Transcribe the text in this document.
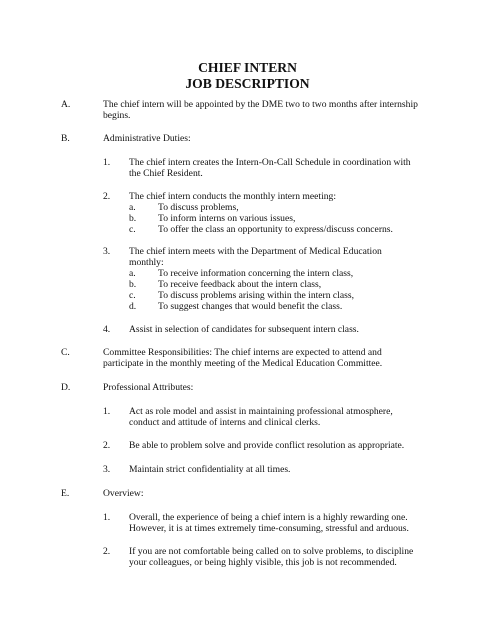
CHIEF INTERN
JOB DESCRIPTION
A.	The chief intern will be appointed by the DME two to two months after internship
begins.
B.	Administrative Duties:
1. The chief intern creates the Intern-On-Call Schedule in coordination with
the Chief Resident.
2. The chief intern conducts the monthly intern meeting:
a. To discuss problems,
b. To inform interns on various issues,
c. To offer the class an opportunity to express/discuss concerns.
3. The chief intern meets with the Department of Medical Education
monthly:
a. To receive information concerning the intern class,
b. To receive feedback about the intern class,
c. To discuss problems arising within the intern class,
d. To suggest changes that would benefit the class.
4. Assist in selection of candidates for subsequent intern class.
C.	Committee Responsibilities: The chief interns are expected to attend and
participate in the monthly meeting of the Medical Education Committee.
D.	Professional Attributes:
1. Act as role model and assist in maintaining professional atmosphere,
conduct and attitude of interns and clinical clerks.
2. Be able to problem solve and provide conflict resolution as appropriate.
3. Maintain strict confidentiality at all times.
E.	Overview:
1. Overall, the experience of being a chief intern is a highly rewarding one.
However, it is at times extremely time-consuming, stressful and arduous.
2. If you are not comfortable being called on to solve problems, to discipline
your colleagues, or being highly visible, this job is not recommended.
